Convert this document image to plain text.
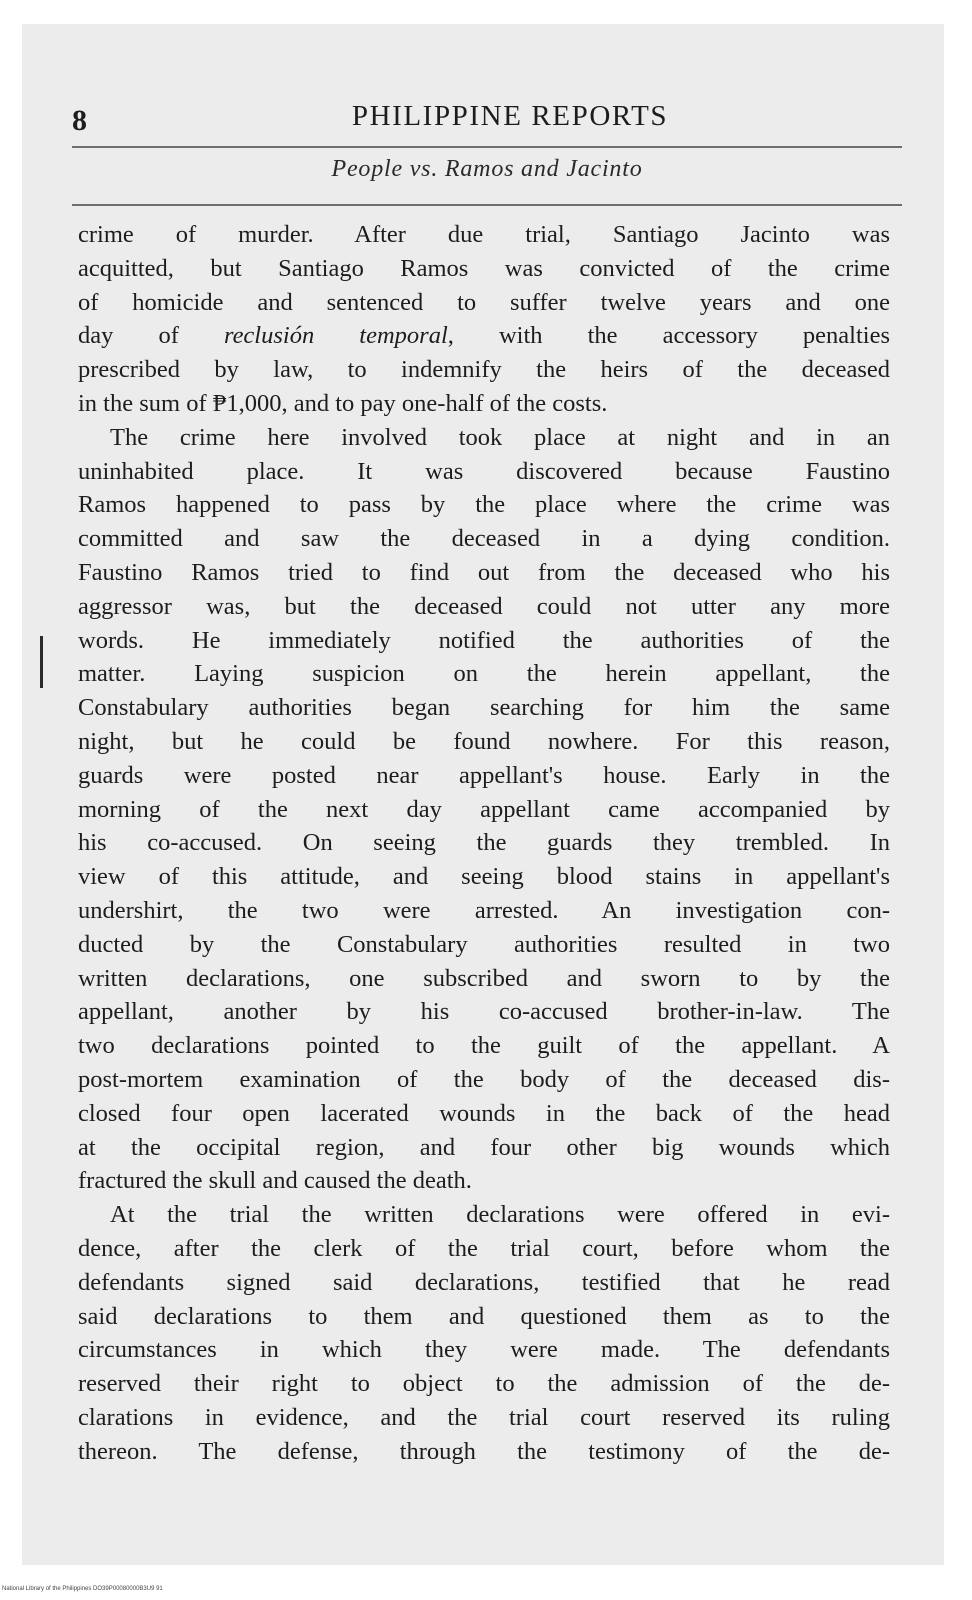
8	PHILIPPINE REPORTS
People vs. Ramos and Jacinto
crime of murder. After due trial, Santiago Jacinto was
acquitted, but Santiago Ramos was convicted of the crime
of homicide and sentenced to suffer twelve years and one
day of reclusión temporal, with the accessory penalties
prescribed by law, to indemnify the heirs of the deceased
in the sum of ₱1,000, and to pay one-half of the costs.
The crime here involved took place at night and in an
uninhabited place. It was discovered because Faustino
Ramos happened to pass by the place where the crime was
committed and saw the deceased in a dying condition.
Faustino Ramos tried to find out from the deceased who his
aggressor was, but the deceased could not utter any more
words. He immediately notified the authorities of the
matter. Laying suspicion on the herein appellant, the
Constabulary authorities began searching for him the same
night, but he could be found nowhere. For this reason,
guards were posted near appellant's house. Early in the
morning of the next day appellant came accompanied by
his co-accused. On seeing the guards they trembled. In
view of this attitude, and seeing blood stains in appellant's
undershirt, the two were arrested. An investigation con-
ducted by the Constabulary authorities resulted in two
written declarations, one subscribed and sworn to by the
appellant, another by his co-accused brother-in-law. The
two declarations pointed to the guilt of the appellant. A
post-mortem examination of the body of the deceased dis-
closed four open lacerated wounds in the back of the head
at the occipital region, and four other big wounds which
fractured the skull and caused the death.
At the trial the written declarations were offered in evi-
dence, after the clerk of the trial court, before whom the
defendants signed said declarations, testified that he read
said declarations to them and questioned them as to the
circumstances in which they were made. The defendants
reserved their right to object to the admission of the de-
clarations in evidence, and the trial court reserved its ruling
thereon. The defense, through the testimony of the de-
National Library of the Philippines DO39P00080000B3U9 91
